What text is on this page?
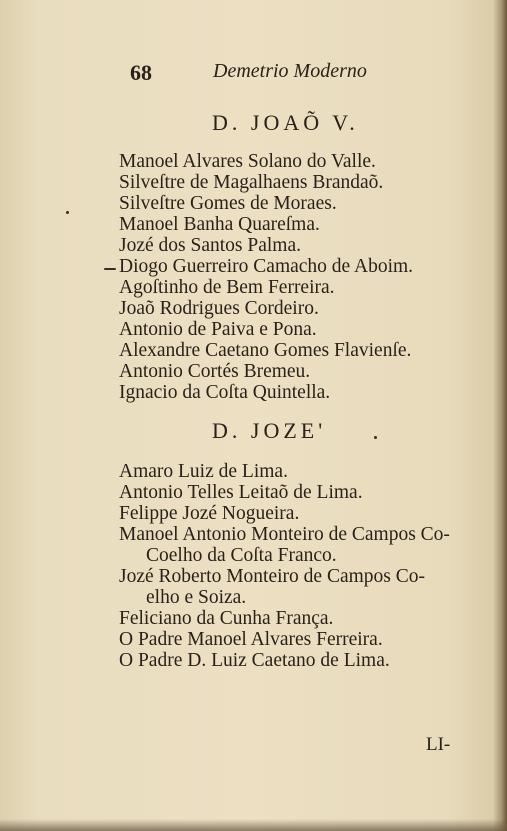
68	Demetrio Moderno
D. JOAÕ V.
Manoel Alvares Solano do Valle.
Silveſtre de Magalhaens Brandaõ.
Silveſtre Gomes de Moraes.
Manoel Banha Quareſma.
Jozé dos Santos Palma.
Diogo Guerreiro Camacho de Aboim.
Agoſtinho de Bem Ferreira.
Joaõ Rodrigues Cordeiro.
Antonio de Paiva e Pona.
Alexandre Caetano Gomes Flavienſe.
Antonio Cortés Bremeu.
Ignacio da Coſta Quintella.
D. JOZE'
Amaro Luiz de Lima.
Antonio Telles Leitaõ de Lima.
Felippe Jozé Nogueira.
Manoel Antonio Monteiro de Campos Co-
Coelho da Coſta Franco.
Jozé Roberto Monteiro de Campos Co-
elho e Soiza.
Feliciano da Cunha França.
O Padre Manoel Alvares Ferreira.
O Padre D. Luiz Caetano de Lima.
LI-
